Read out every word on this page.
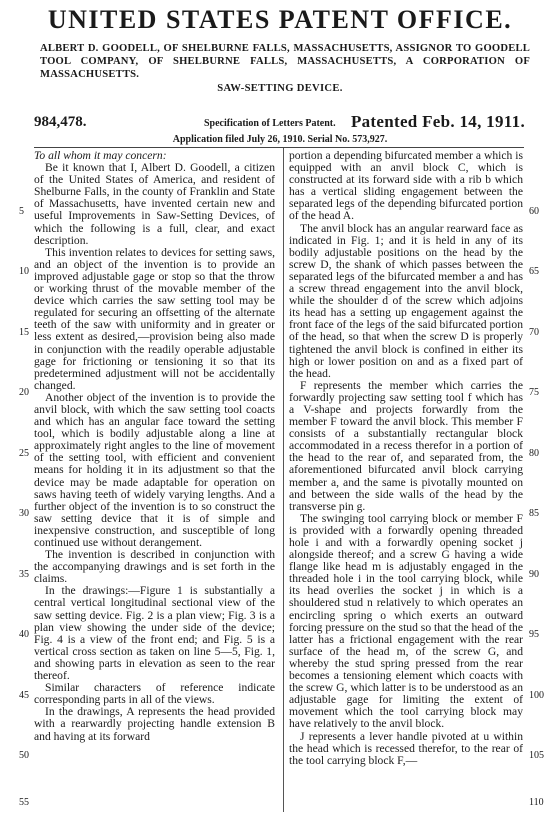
UNITED STATES PATENT OFFICE.
ALBERT D. GOODELL, OF SHELBURNE FALLS, MASSACHUSETTS, ASSIGNOR TO GOODELL TOOL COMPANY, OF SHELBURNE FALLS, MASSACHUSETTS, A CORPORATION OF MASSACHUSETTS.
SAW-SETTING DEVICE.
984,478.	Specification of Letters Patent. Patented Feb. 14, 1911.
Application filed July 26, 1910. Serial No. 573,927.

To all whom it may concern:

Be it known that I, Albert D. Goodell, a citizen of the United States of America, and resident of Shelburne Falls, in the county of Franklin and State of Massachusetts, have invented certain new and useful Improvements in Saw-Setting Devices, of which the following is a full, clear, and exact description.

This invention relates to devices for setting saws, and an object of the invention is to provide an improved adjustable gage or stop so that the throw or working thrust of the movable member of the device which carries the saw setting tool may be regulated for securing an offsetting of the alternate teeth of the saw with uniformity and in greater or less extent as desired,—provision being also made in conjunction with the readily operable adjustable gage for frictioning or tensioning it so that its predetermined adjustment will not be accidentally changed.

Another object of the invention is to provide the anvil block, with which the saw setting tool coacts and which has an angular face toward the setting tool, which is bodily adjustable along a line at approximately right angles to the line of movement of the setting tool, with efficient and convenient means for holding it in its adjustment so that the device may be made adaptable for operation on saws having teeth of widely varying lengths. And a further object of the invention is to so construct the saw setting device that it is of simple and inexpensive construction, and susceptible of long continued use without derangement.

The invention is described in conjunction with the accompanying drawings and is set forth in the claims.

In the drawings:—Figure 1 is substantially a central vertical longitudinal sectional view of the saw setting device. Fig. 2 is a plan view; Fig. 3 is a plan view showing the under side of the device; Fig. 4 is a view of the front end; and Fig. 5 is a vertical cross section as taken on line 5—5, Fig. 1, and showing parts in elevation as seen to the rear thereof.

Similar characters of reference indicate corresponding parts in all of the views.

In the drawings, A represents the head provided with a rearwardly projecting handle extension B and having at its forward

portion a depending bifurcated member a which is equipped with an anvil block C, which is constructed at its forward side with a rib b which has a vertical sliding engagement between the separated legs of the depending bifurcated portion of the head A.

The anvil block has an angular rearward face as indicated in Fig. 1; and it is held in any of its bodily adjustable positions on the head by the screw D, the shank of which passes between the separated legs of the bifurcated member a and has a screw thread engagement into the anvil block, while the shoulder d of the screw which adjoins its head has a setting up engagement against the front face of the legs of the said bifurcated portion of the head, so that when the screw D is properly tightened the anvil block is confined in either its high or lower position on and as a fixed part of the head.

F represents the member which carries the forwardly projecting saw setting tool f which has a V-shape and projects forwardly from the member F toward the anvil block. This member F consists of a substantially rectangular block accommodated in a recess therefor in a portion of the head to the rear of, and separated from, the aforementioned bifurcated anvil block carrying member a, and the same is pivotally mounted on and between the side walls of the head by the transverse pin g.

The swinging tool carrying block or member F is provided with a forwardly opening threaded hole i and with a forwardly opening socket j alongside thereof; and a screw G having a wide flange like head m is adjustably engaged in the threaded hole i in the tool carrying block, while its head overlies the socket j in which is a shouldered stud n relatively to which operates an encircling spring o which exerts an outward forcing pressure on the stud so that the head of the latter has a frictional engagement with the rear surface of the head m, of the screw G, and whereby the stud spring pressed from the rear becomes a tensioning element which coacts with the screw G, which latter is to be understood as an adjustable gage for limiting the extent of movement which the tool carrying block may have relatively to the anvil block.

J represents a lever handle pivoted at u within the head which is recessed therefor, to the rear of the tool carrying block F,—

5
10
15
20
25
30
35
40
45
50
55
60
65
70
75
80
85
90
95
100
105
110
